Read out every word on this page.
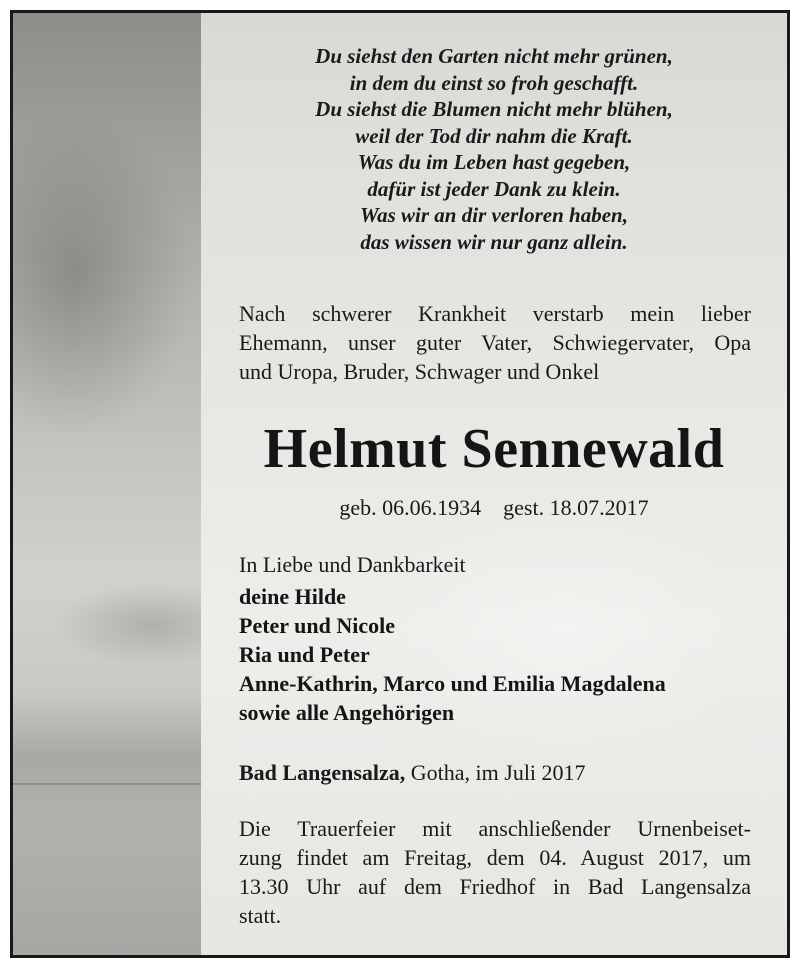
Du siehst den Garten nicht mehr grünen,
in dem du einst so froh geschafft.
Du siehst die Blumen nicht mehr blühen,
weil der Tod dir nahm die Kraft.
Was du im Leben hast gegeben,
dafür ist jeder Dank zu klein.
Was wir an dir verloren haben,
das wissen wir nur ganz allein.
Nach schwerer Krankheit verstarb mein lieber
Ehemann, unser guter Vater, Schwiegervater, Opa
und Uropa, Bruder, Schwager und Onkel
Helmut Sennewald
geb. 06.06.1934 gest. 18.07.2017
In Liebe und Dankbarkeit
deine Hilde
Peter und Nicole
Ria und Peter
Anne-Kathrin, Marco und Emilia Magdalena
sowie alle Angehörigen
Bad Langensalza, Gotha, im Juli 2017
Die Trauerfeier mit anschließender Urnenbeiset-
zung findet am Freitag, dem 04. August 2017, um
13.30 Uhr auf dem Friedhof in Bad Langensalza
statt.
